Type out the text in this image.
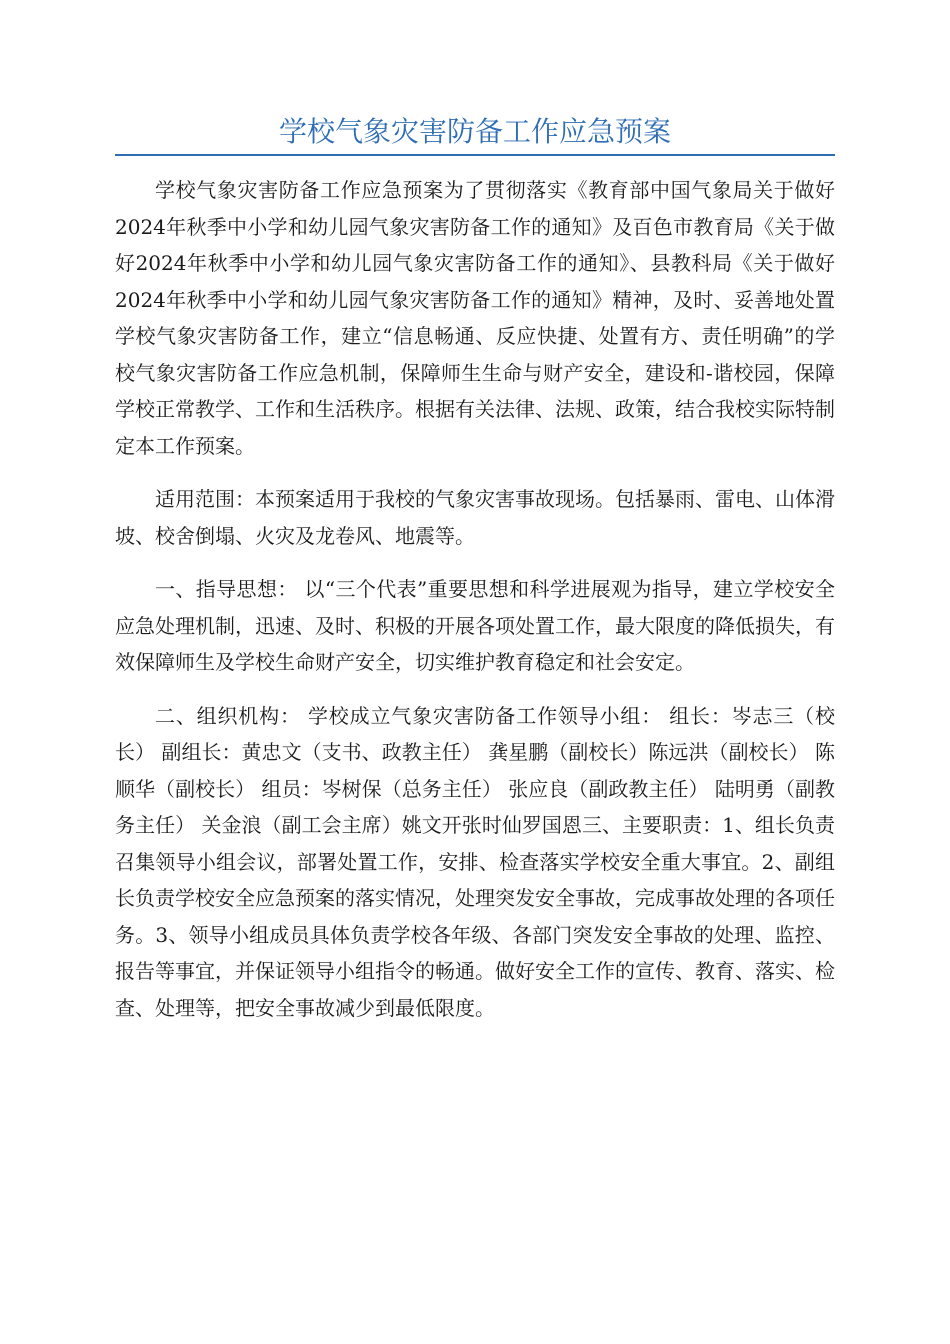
学校气象灾害防备工作应急预案

学校气象灾害防备工作应急预案为了贯彻落实《教育部中国气象局关于做好2024年秋季中小学和幼儿园气象灾害防备工作的通知》及百色市教育局《关于做好2024年秋季中小学和幼儿园气象灾害防备工作的通知》、县教科局《关于做好2024年秋季中小学和幼儿园气象灾害防备工作的通知》精神，及时、妥善地处置学校气象灾害防备工作，建立“信息畅通、反应快捷、处置有方、责任明确”的学校气象灾害防备工作应急机制，保障师生生命与财产安全，建设和-谐校园，保障学校正常教学、工作和生活秩序。根据有关法律、法规、政策，结合我校实际特制定本工作预案。

适用范围：本预案适用于我校的气象灾害事故现场。包括暴雨、雷电、山体滑坡、校舍倒塌、火灾及龙卷风、地震等。

一、指导思想： 以“三个代表”重要思想和科学进展观为指导，建立学校安全应急处理机制，迅速、及时、积极的开展各项处置工作，最大限度的降低损失，有效保障师生及学校生命财产安全，切实维护教育稳定和社会安定。

二、组织机构： 学校成立气象灾害防备工作领导小组： 组长：岑志三（校长） 副组长：黄忠文（支书、政教主任） 龚星鹏（副校长）陈远洪（副校长） 陈顺华（副校长） 组员：岑树保（总务主任） 张应良（副政教主任） 陆明勇（副教务主任） 关金浪（副工会主席）姚文开张时仙罗国恩三、主要职责：1、组长负责召集领导小组会议，部署处置工作，安排、检查落实学校安全重大事宜。2、副组长负责学校安全应急预案的落实情况，处理突发安全事故，完成事故处理的各项任务。3、领导小组成员具体负责学校各年级、各部门突发安全事故的处理、监控、报告等事宜，并保证领导小组指令的畅通。做好安全工作的宣传、教育、落实、检查、处理等，把安全事故减少到最低限度。
